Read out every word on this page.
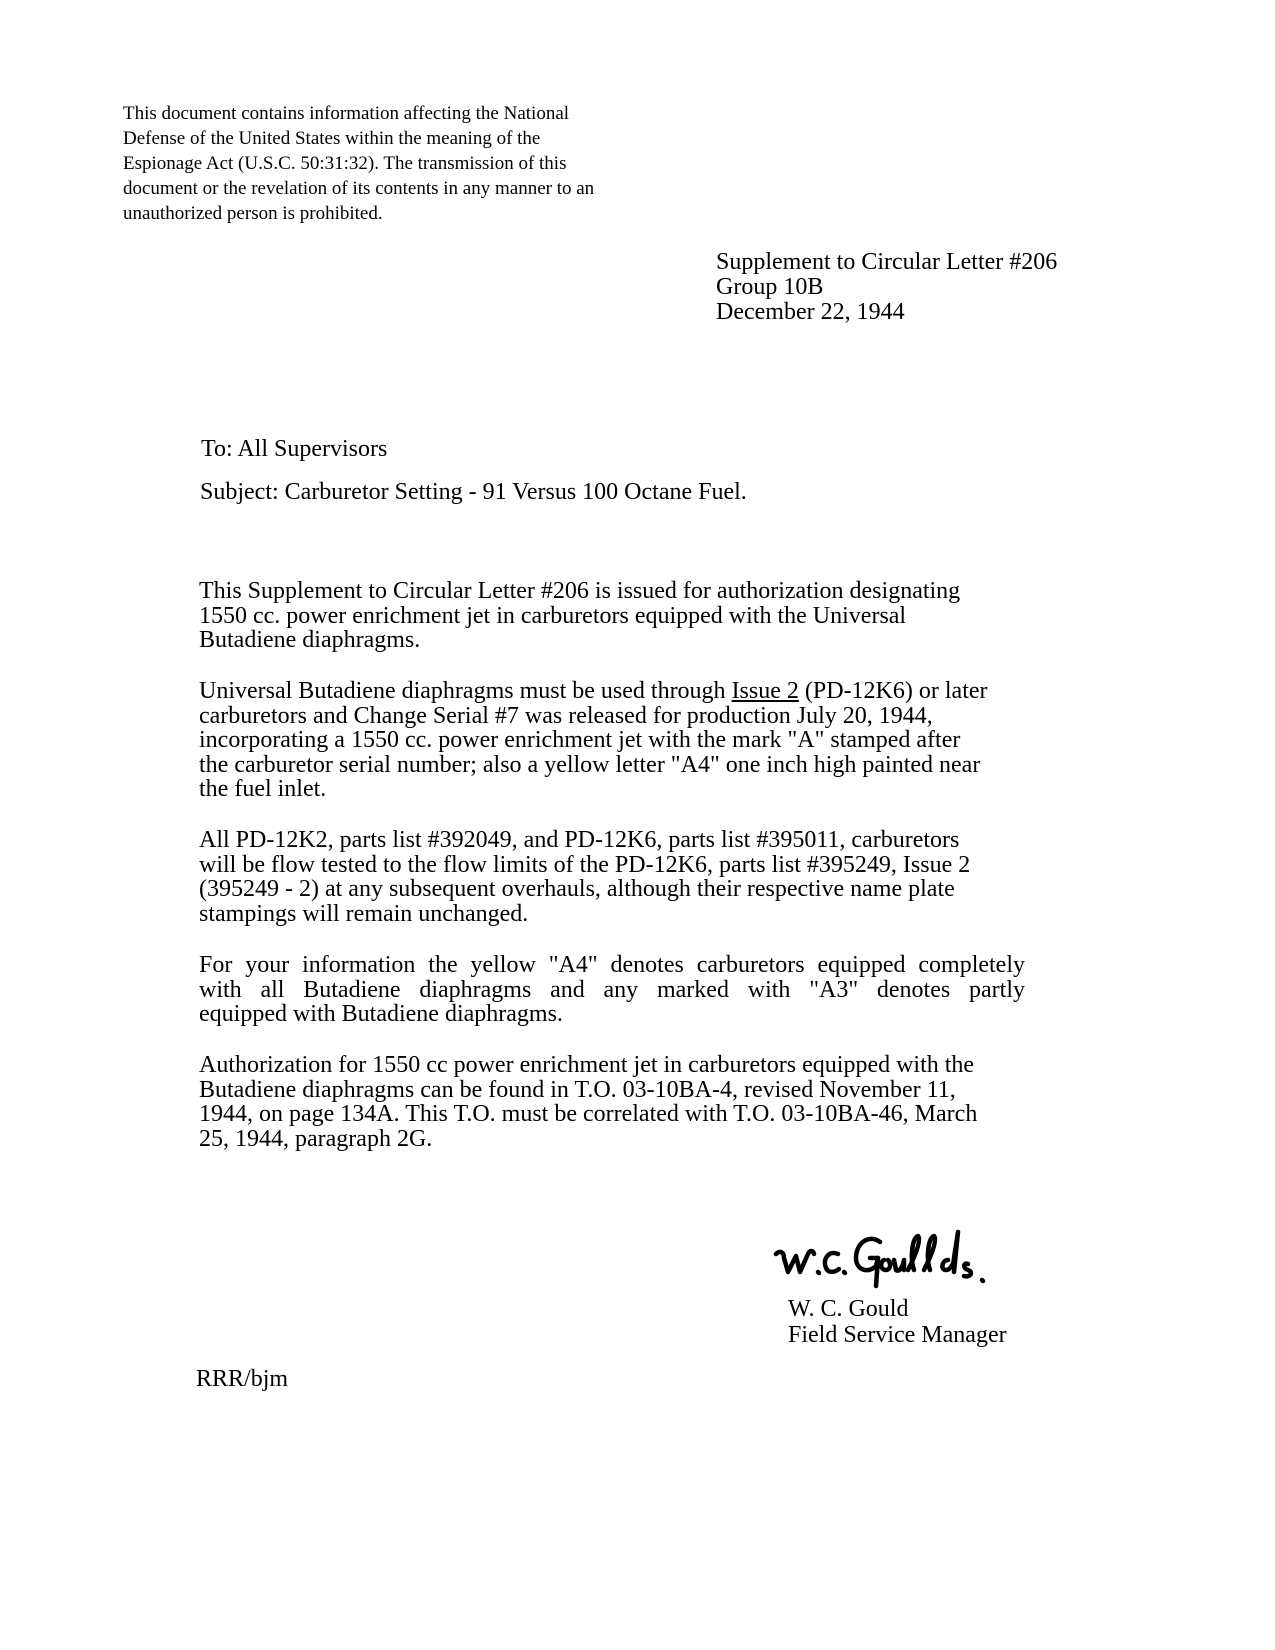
This document contains information affecting the National
Defense of the United States within the meaning of the
Espionage Act (U.S.C. 50:31:32). The transmission of this
document or the revelation of its contents in any manner to an
unauthorized person is prohibited.
Supplement to Circular Letter #206
Group 10B
December 22, 1944
To: All Supervisors
Subject: Carburetor Setting - 91 Versus 100 Octane Fuel.
This Supplement to Circular Letter #206 is issued for authorization designating
1550 cc. power enrichment jet in carburetors equipped with the Universal
Butadiene diaphragms.
Universal Butadiene diaphragms must be used through Issue 2 (PD-12K6) or later
carburetors and Change Serial #7 was released for production July 20, 1944,
incorporating a 1550 cc. power enrichment jet with the mark "A" stamped after
the carburetor serial number; also a yellow letter "A4" one inch high painted near
the fuel inlet.
All PD-12K2, parts list #392049, and PD-12K6, parts list #395011, carburetors
will be flow tested to the flow limits of the PD-12K6, parts list #395249, Issue 2
(395249 - 2) at any subsequent overhauls, although their respective name plate
stampings will remain unchanged.
For your information the yellow "A4" denotes carburetors equipped completely
with all Butadiene diaphragms and any marked with "A3" denotes partly
equipped with Butadiene diaphragms.
Authorization for 1550 cc power enrichment jet in carburetors equipped with the
Butadiene diaphragms can be found in T.O. 03-10BA-4, revised November 11,
1944, on page 134A. This T.O. must be correlated with T.O. 03-10BA-46, March
25, 1944, paragraph 2G.
W. C. Gould
Field Service Manager
RRR/bjm
